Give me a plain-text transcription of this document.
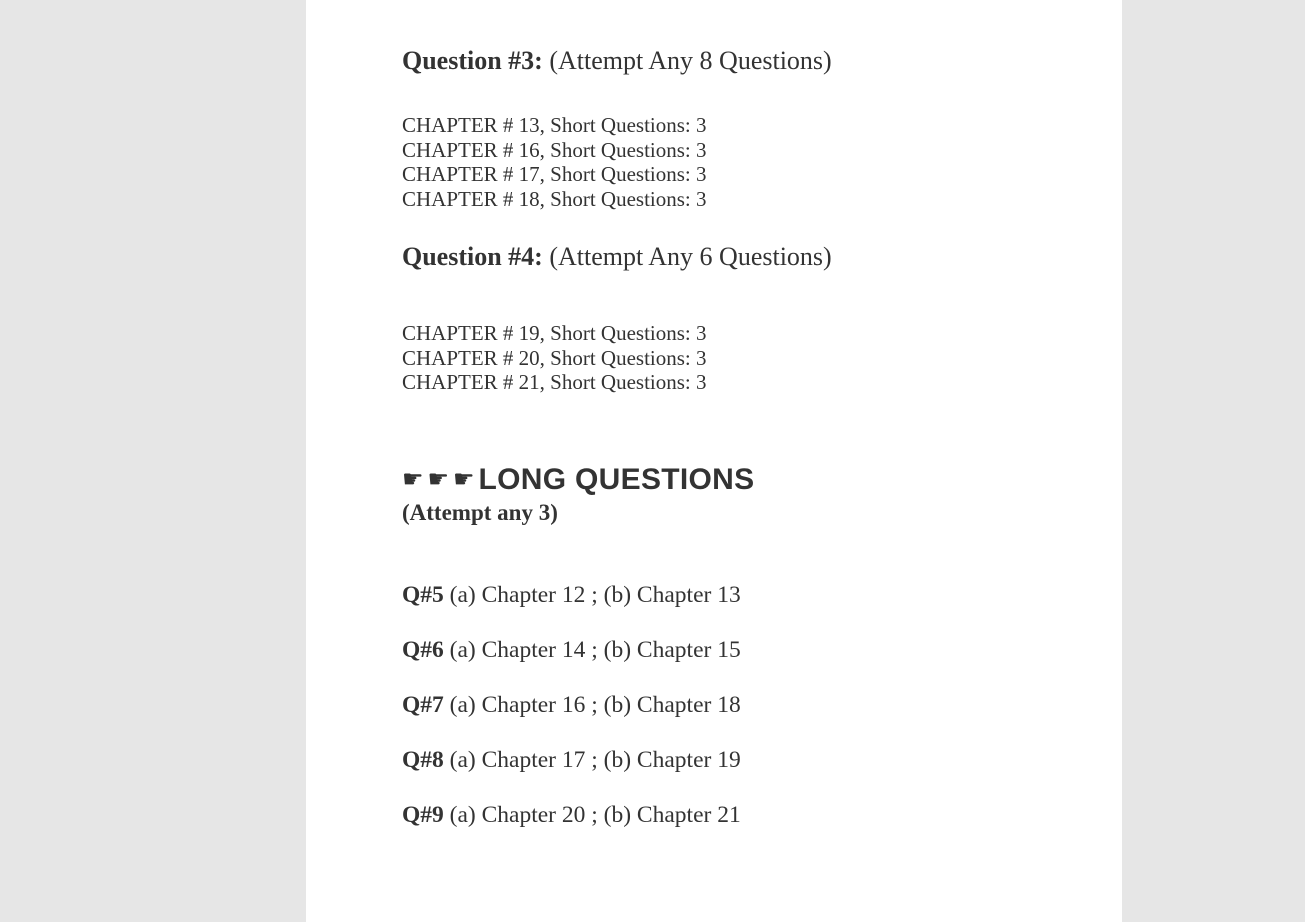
Question #3: (Attempt Any 8 Questions)
CHAPTER # 13, Short Questions: 3
CHAPTER # 16, Short Questions: 3
CHAPTER # 17, Short Questions: 3
CHAPTER # 18, Short Questions: 3
Question #4: (Attempt Any 6 Questions)
CHAPTER # 19, Short Questions: 3
CHAPTER # 20, Short Questions: 3
CHAPTER # 21, Short Questions: 3
☛☛☛LONG QUESTIONS
(Attempt any 3)
Q#5 (a) Chapter 12 ; (b) Chapter 13
Q#6 (a) Chapter 14 ; (b) Chapter 15
Q#7 (a) Chapter 16 ; (b) Chapter 18
Q#8 (a) Chapter 17 ; (b) Chapter 19
Q#9 (a) Chapter 20 ; (b) Chapter 21
